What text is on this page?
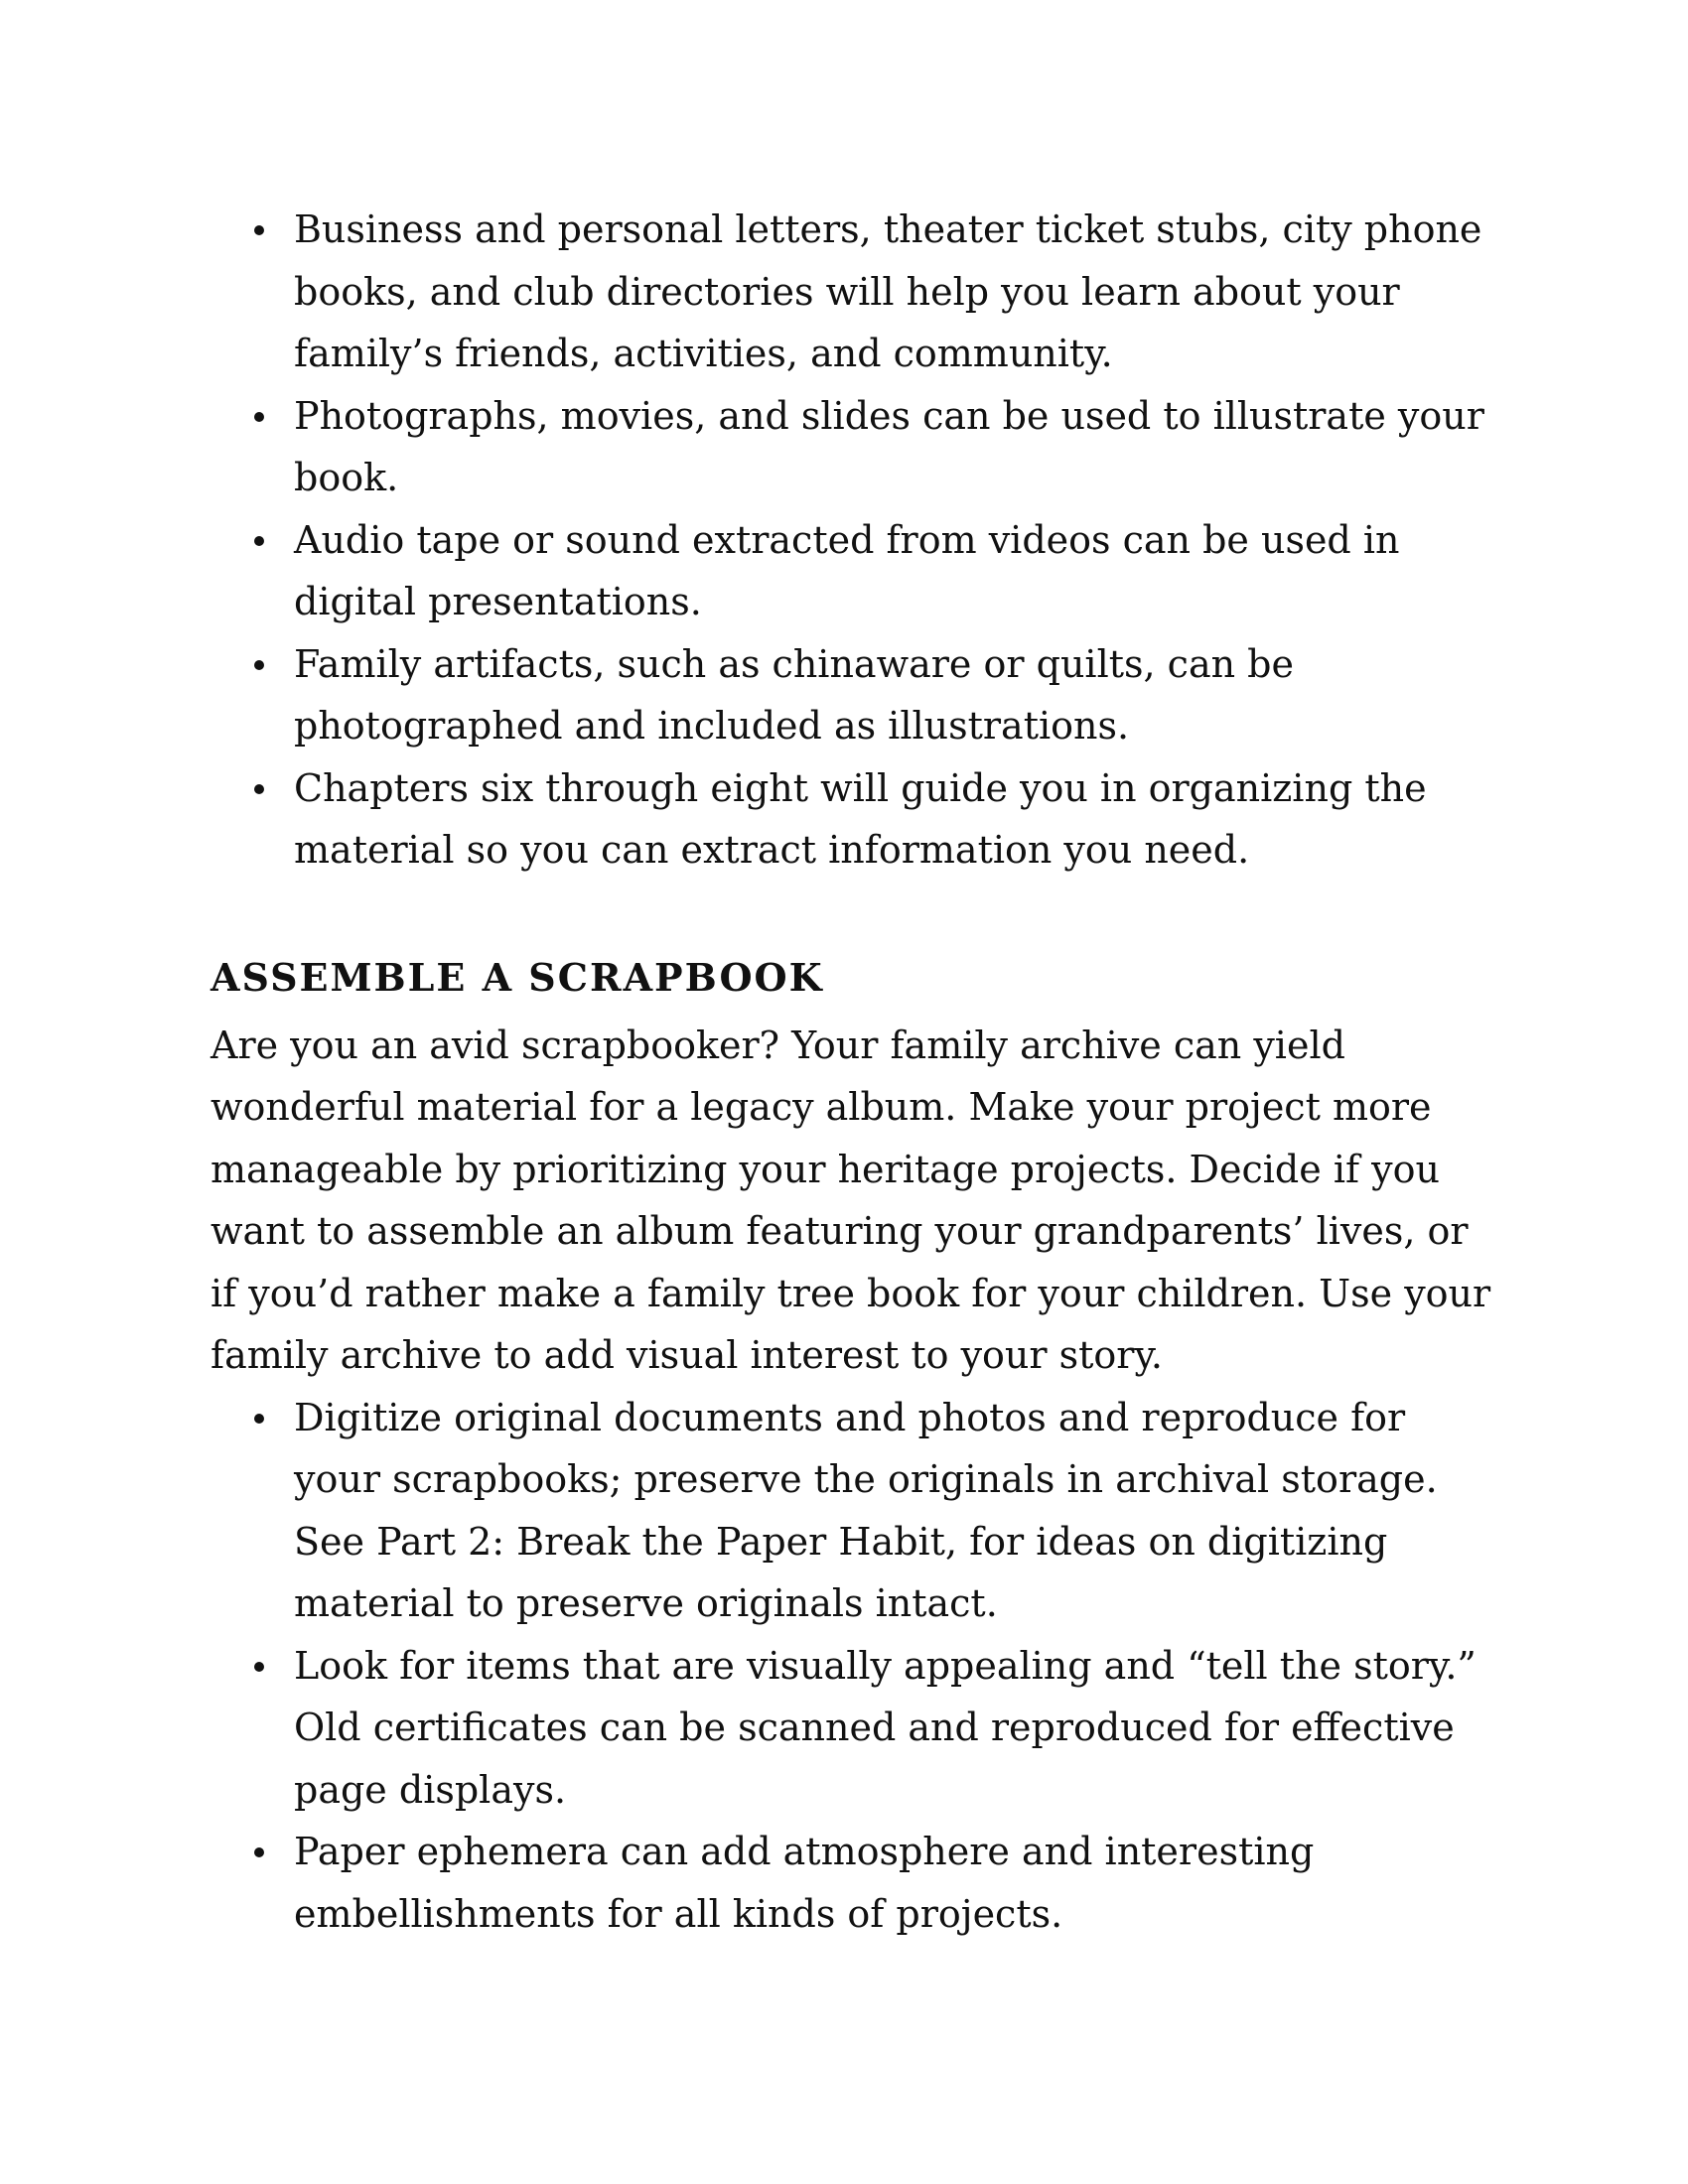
Business and personal letters, theater ticket stubs, city phone books, and club directories will help you learn about your family’s friends, activities, and community.
Photographs, movies, and slides can be used to illustrate your book.
Audio tape or sound extracted from videos can be used in digital presentations.
Family artifacts, such as chinaware or quilts, can be photographed and included as illustrations.
Chapters six through eight will guide you in organizing the material so you can extract information you need.
ASSEMBLE A SCRAPBOOK

Are you an avid scrapbooker? Your family archive can yield wonderful material for a legacy album. Make your project more manageable by prioritizing your heritage projects. Decide if you want to assemble an album featuring your grandparents’ lives, or if you’d rather make a family tree book for your children. Use your family archive to add visual interest to your story.

Digitize original documents and photos and reproduce for your scrapbooks; preserve the originals in archival storage. See Part 2: Break the Paper Habit, for ideas on digitizing material to preserve originals intact.
Look for items that are visually appealing and “tell the story.” Old certificates can be scanned and reproduced for effective page displays.
Paper ephemera can add atmosphere and interesting embellishments for all kinds of projects.
